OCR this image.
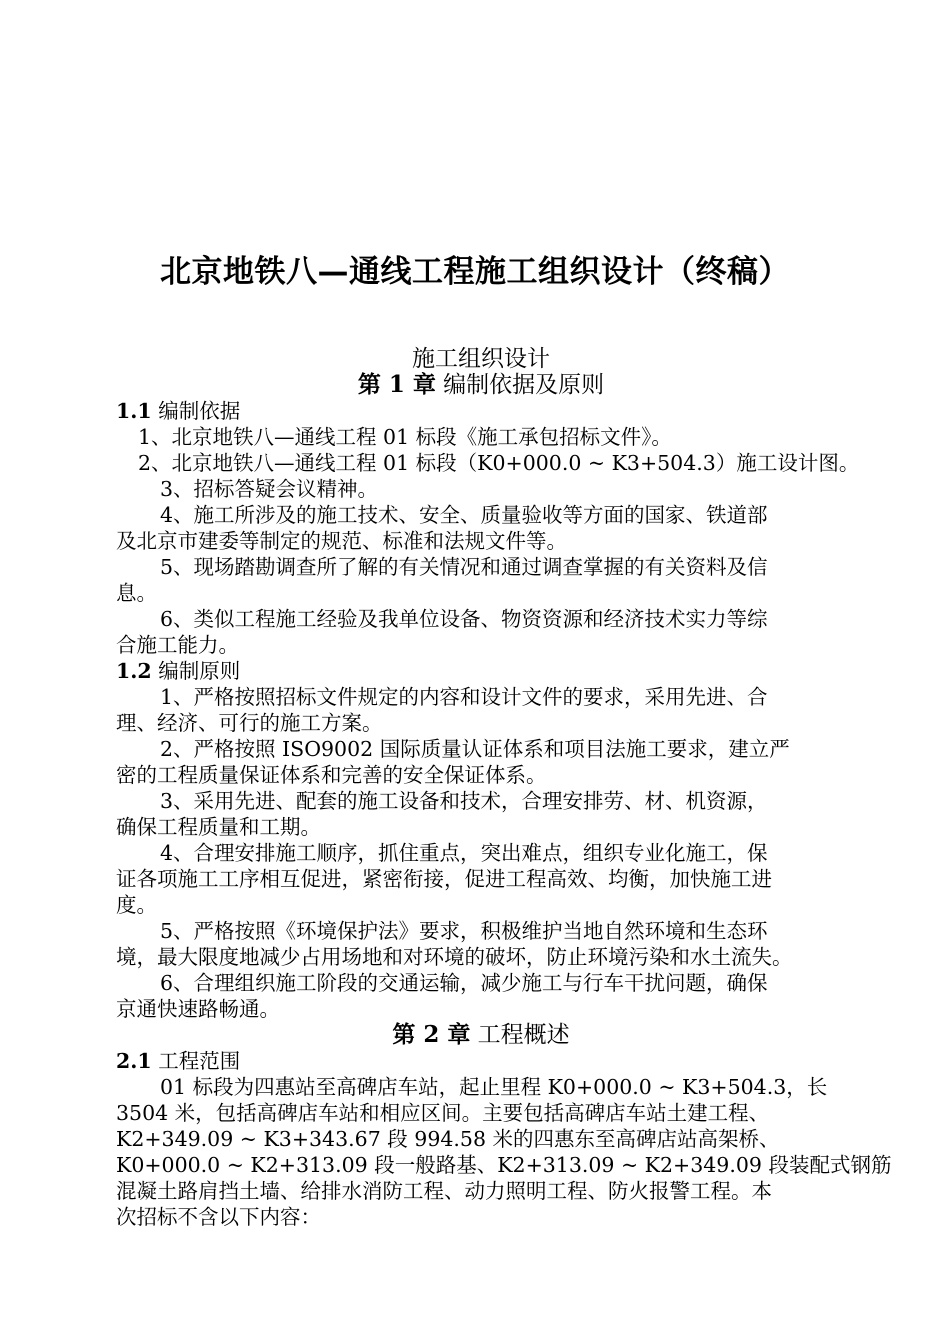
北京地铁八—通线工程施工组织设计（终稿）
施工组织设计
第 1 章 编制依据及原则
1.1 编制依据
1、北京地铁八—通线工程 01 标段《施工承包招标文件》。
2、北京地铁八—通线工程 01 标段（K0+000.0 ~ K3+504.3）施工设计图。
3、招标答疑会议精神。
4、施工所涉及的施工技术、安全、质量验收等方面的国家、铁道部
及北京市建委等制定的规范、标准和法规文件等。
5、现场踏勘调查所了解的有关情况和通过调查掌握的有关资料及信
息。
6、类似工程施工经验及我单位设备、物资资源和经济技术实力等综
合施工能力。
1.2 编制原则
1、严格按照招标文件规定的内容和设计文件的要求，采用先进、合
理、经济、可行的施工方案。
2、严格按照 ISO9002 国际质量认证体系和项目法施工要求，建立严
密的工程质量保证体系和完善的安全保证体系。
3、采用先进、配套的施工设备和技术，合理安排劳、材、机资源，
确保工程质量和工期。
4、合理安排施工顺序，抓住重点，突出难点，组织专业化施工，保
证各项施工工序相互促进，紧密衔接，促进工程高效、均衡，加快施工进
度。
5、严格按照《环境保护法》要求，积极维护当地自然环境和生态环
境，最大限度地减少占用场地和对环境的破坏，防止环境污染和水土流失。
6、合理组织施工阶段的交通运输，减少施工与行车干扰问题，确保
京通快速路畅通。
第 2 章 工程概述
2.1 工程范围
01 标段为四惠站至高碑店车站，起止里程 K0+000.0 ~ K3+504.3，长
3504 米，包括高碑店车站和相应区间。主要包括高碑店车站土建工程、
K2+349.09 ~ K3+343.67 段 994.58 米的四惠东至高碑店站高架桥、
K0+000.0 ~ K2+313.09 段一般路基、K2+313.09 ~ K2+349.09 段装配式钢筋
混凝土路肩挡土墙、给排水消防工程、动力照明工程、防火报警工程。本
次招标不含以下内容：
